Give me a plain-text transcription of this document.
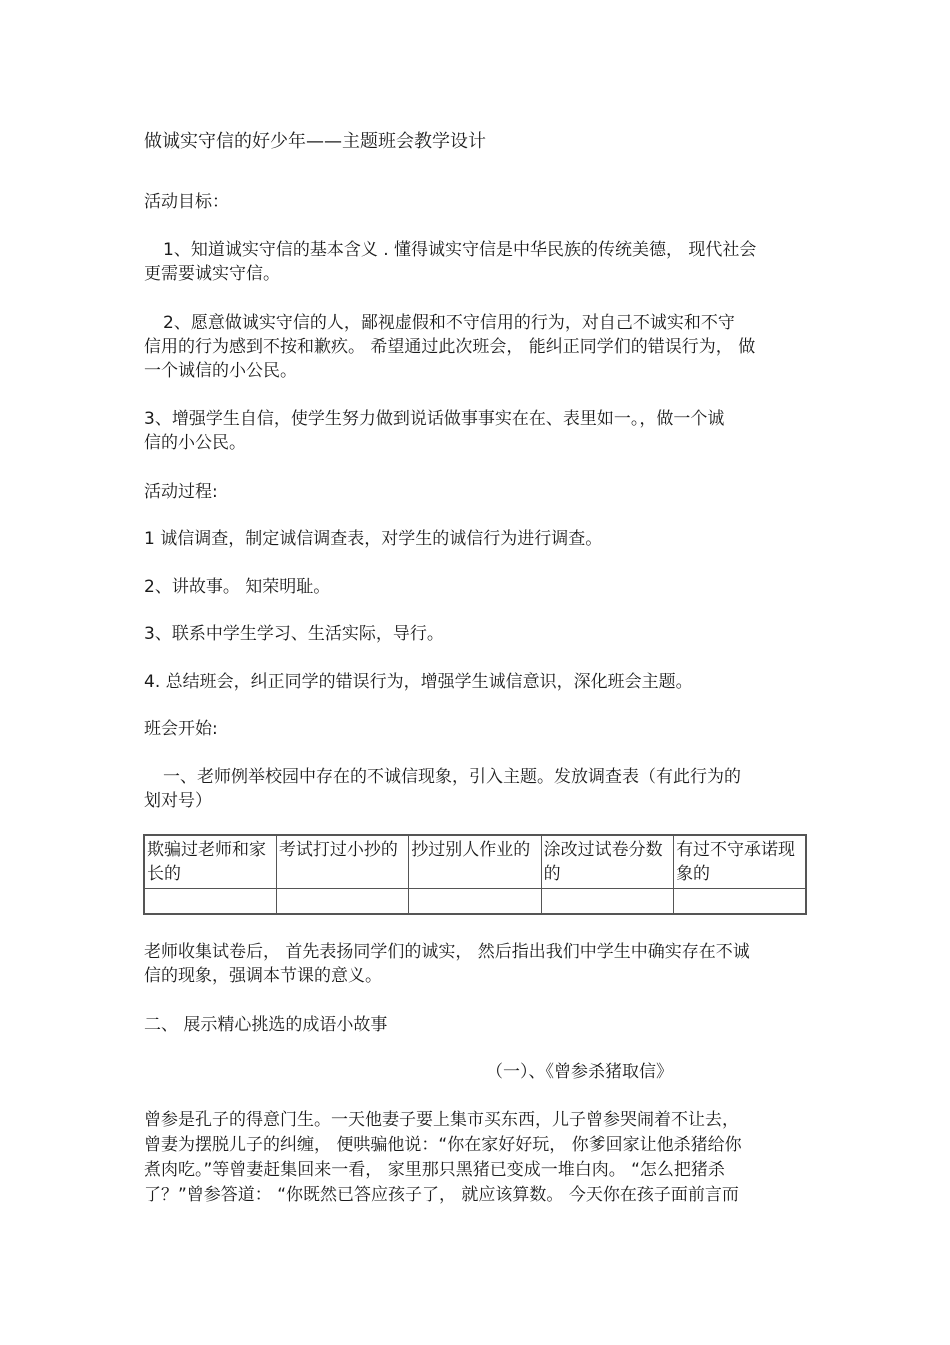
做诚实守信的好少年——主题班会教学设计
活动目标：
1、知道诚实守信的基本含义 . 懂得诚实守信是中华民族的传统美德， 现代社会
更需要诚实守信。
2、愿意做诚实守信的人，鄙视虚假和不守信用的行为，对自己不诚实和不守
信用的行为感到不按和歉疚。 希望通过此次班会， 能纠正同学们的错误行为， 做
一个诚信的小公民。
3、增强学生自信，使学生努力做到说话做事事实在在、表里如一。，做一个诚
信的小公民。
活动过程:
1 诚信调查，制定诚信调查表，对学生的诚信行为进行调查。
2、讲故事。 知荣明耻。
3、联系中学生学习、生活实际，导行。
4. 总结班会，纠正同学的错误行为，增强学生诚信意识，深化班会主题。
班会开始:
一、老师例举校园中存在的不诚信现象，引入主题。发放调查表（有此行为的
划对号）
欺骗过老师和家长的	考试打过小抄的	抄过别人作业的	涂改过试卷分数的	有过不守承诺现象的

老师收集试卷后， 首先表扬同学们的诚实， 然后指出我们中学生中确实存在不诚
信的现象，强调本节课的意义。
二、 展示精心挑选的成语小故事
（一）、《曾参杀猪取信》
曾参是孔子的得意门生。一天他妻子要上集市买东西，儿子曾参哭闹着不让去，
曾妻为摆脱儿子的纠缠， 便哄骗他说：“你在家好好玩， 你爹回家让他杀猪给你
煮肉吃。”等曾妻赶集回来一看， 家里那只黑猪已变成一堆白肉。 “怎么把猪杀
了？”曾参答道： “你既然已答应孩子了， 就应该算数。 今天你在孩子面前言而
